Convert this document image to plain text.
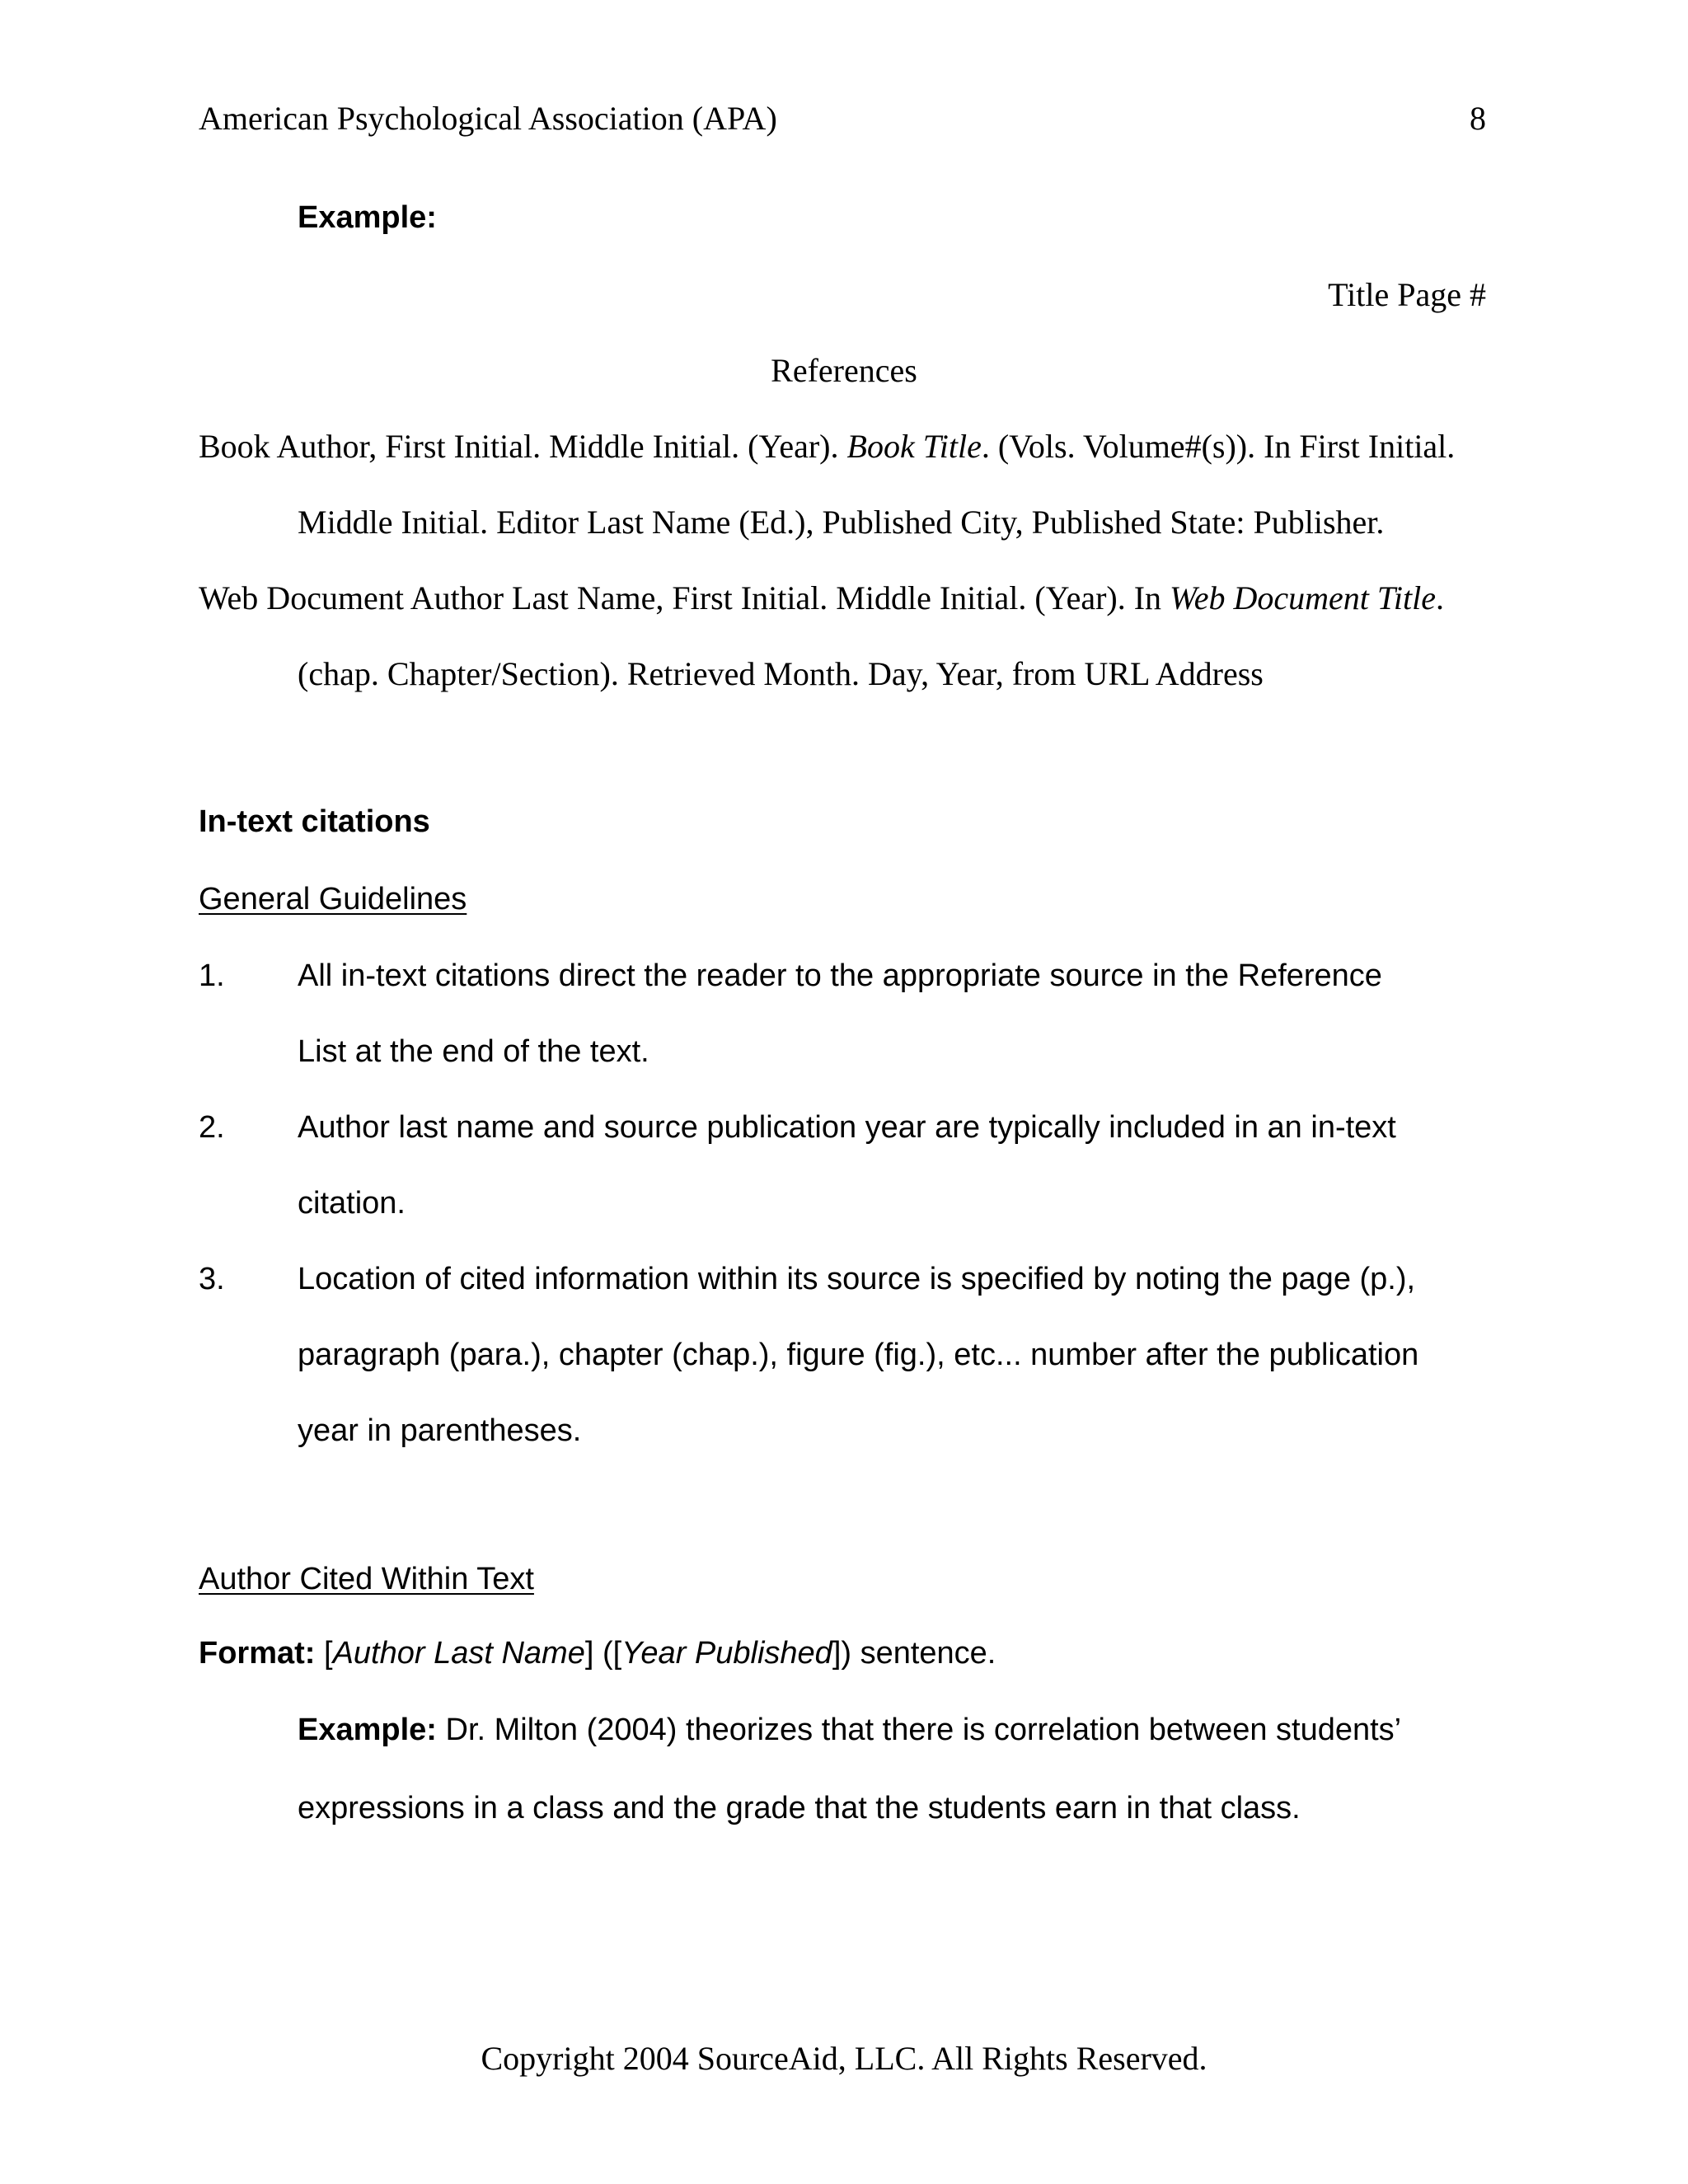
American Psychological Association (APA)	8
Example:
Title Page #
References
Book Author, First Initial. Middle Initial. (Year). Book Title. (Vols. Volume#(s)). In First Initial.
Middle Initial. Editor Last Name (Ed.), Published City, Published State: Publisher.
Web Document Author Last Name, First Initial. Middle Initial. (Year). In Web Document Title.
(chap. Chapter/Section). Retrieved Month. Day, Year, from URL Address
In-text citations
General Guidelines
1. All in-text citations direct the reader to the appropriate source in the Reference
List at the end of the text.
2. Author last name and source publication year are typically included in an in-text
citation.
3. Location of cited information within its source is specified by noting the page (p.),
paragraph (para.), chapter (chap.), figure (fig.), etc... number after the publication
year in parentheses.
Author Cited Within Text
Format: [Author Last Name] ([Year Published]) sentence.
Example: Dr. Milton (2004) theorizes that there is correlation between students’
expressions in a class and the grade that the students earn in that class.
Copyright 2004 SourceAid, LLC. All Rights Reserved.
